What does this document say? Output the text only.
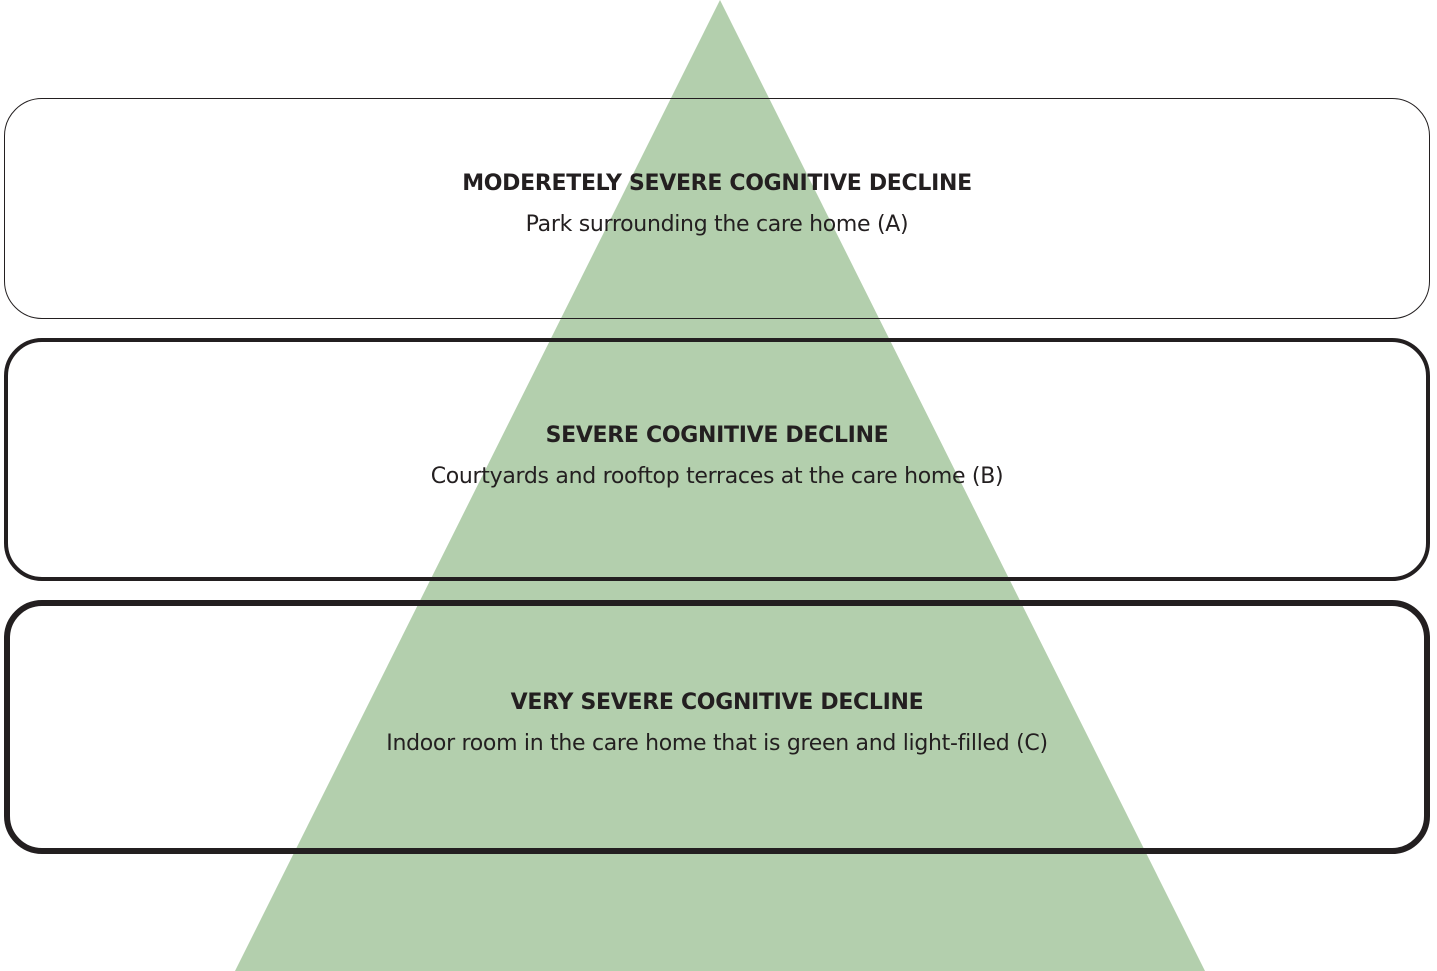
MODERETELY SEVERE COGNITIVE DECLINE
Park surrounding the care home (A)
SEVERE COGNITIVE DECLINE
Courtyards and rooftop terraces at the care home (B)
VERY SEVERE COGNITIVE DECLINE
Indoor room in the care home that is green and light-filled (C)
